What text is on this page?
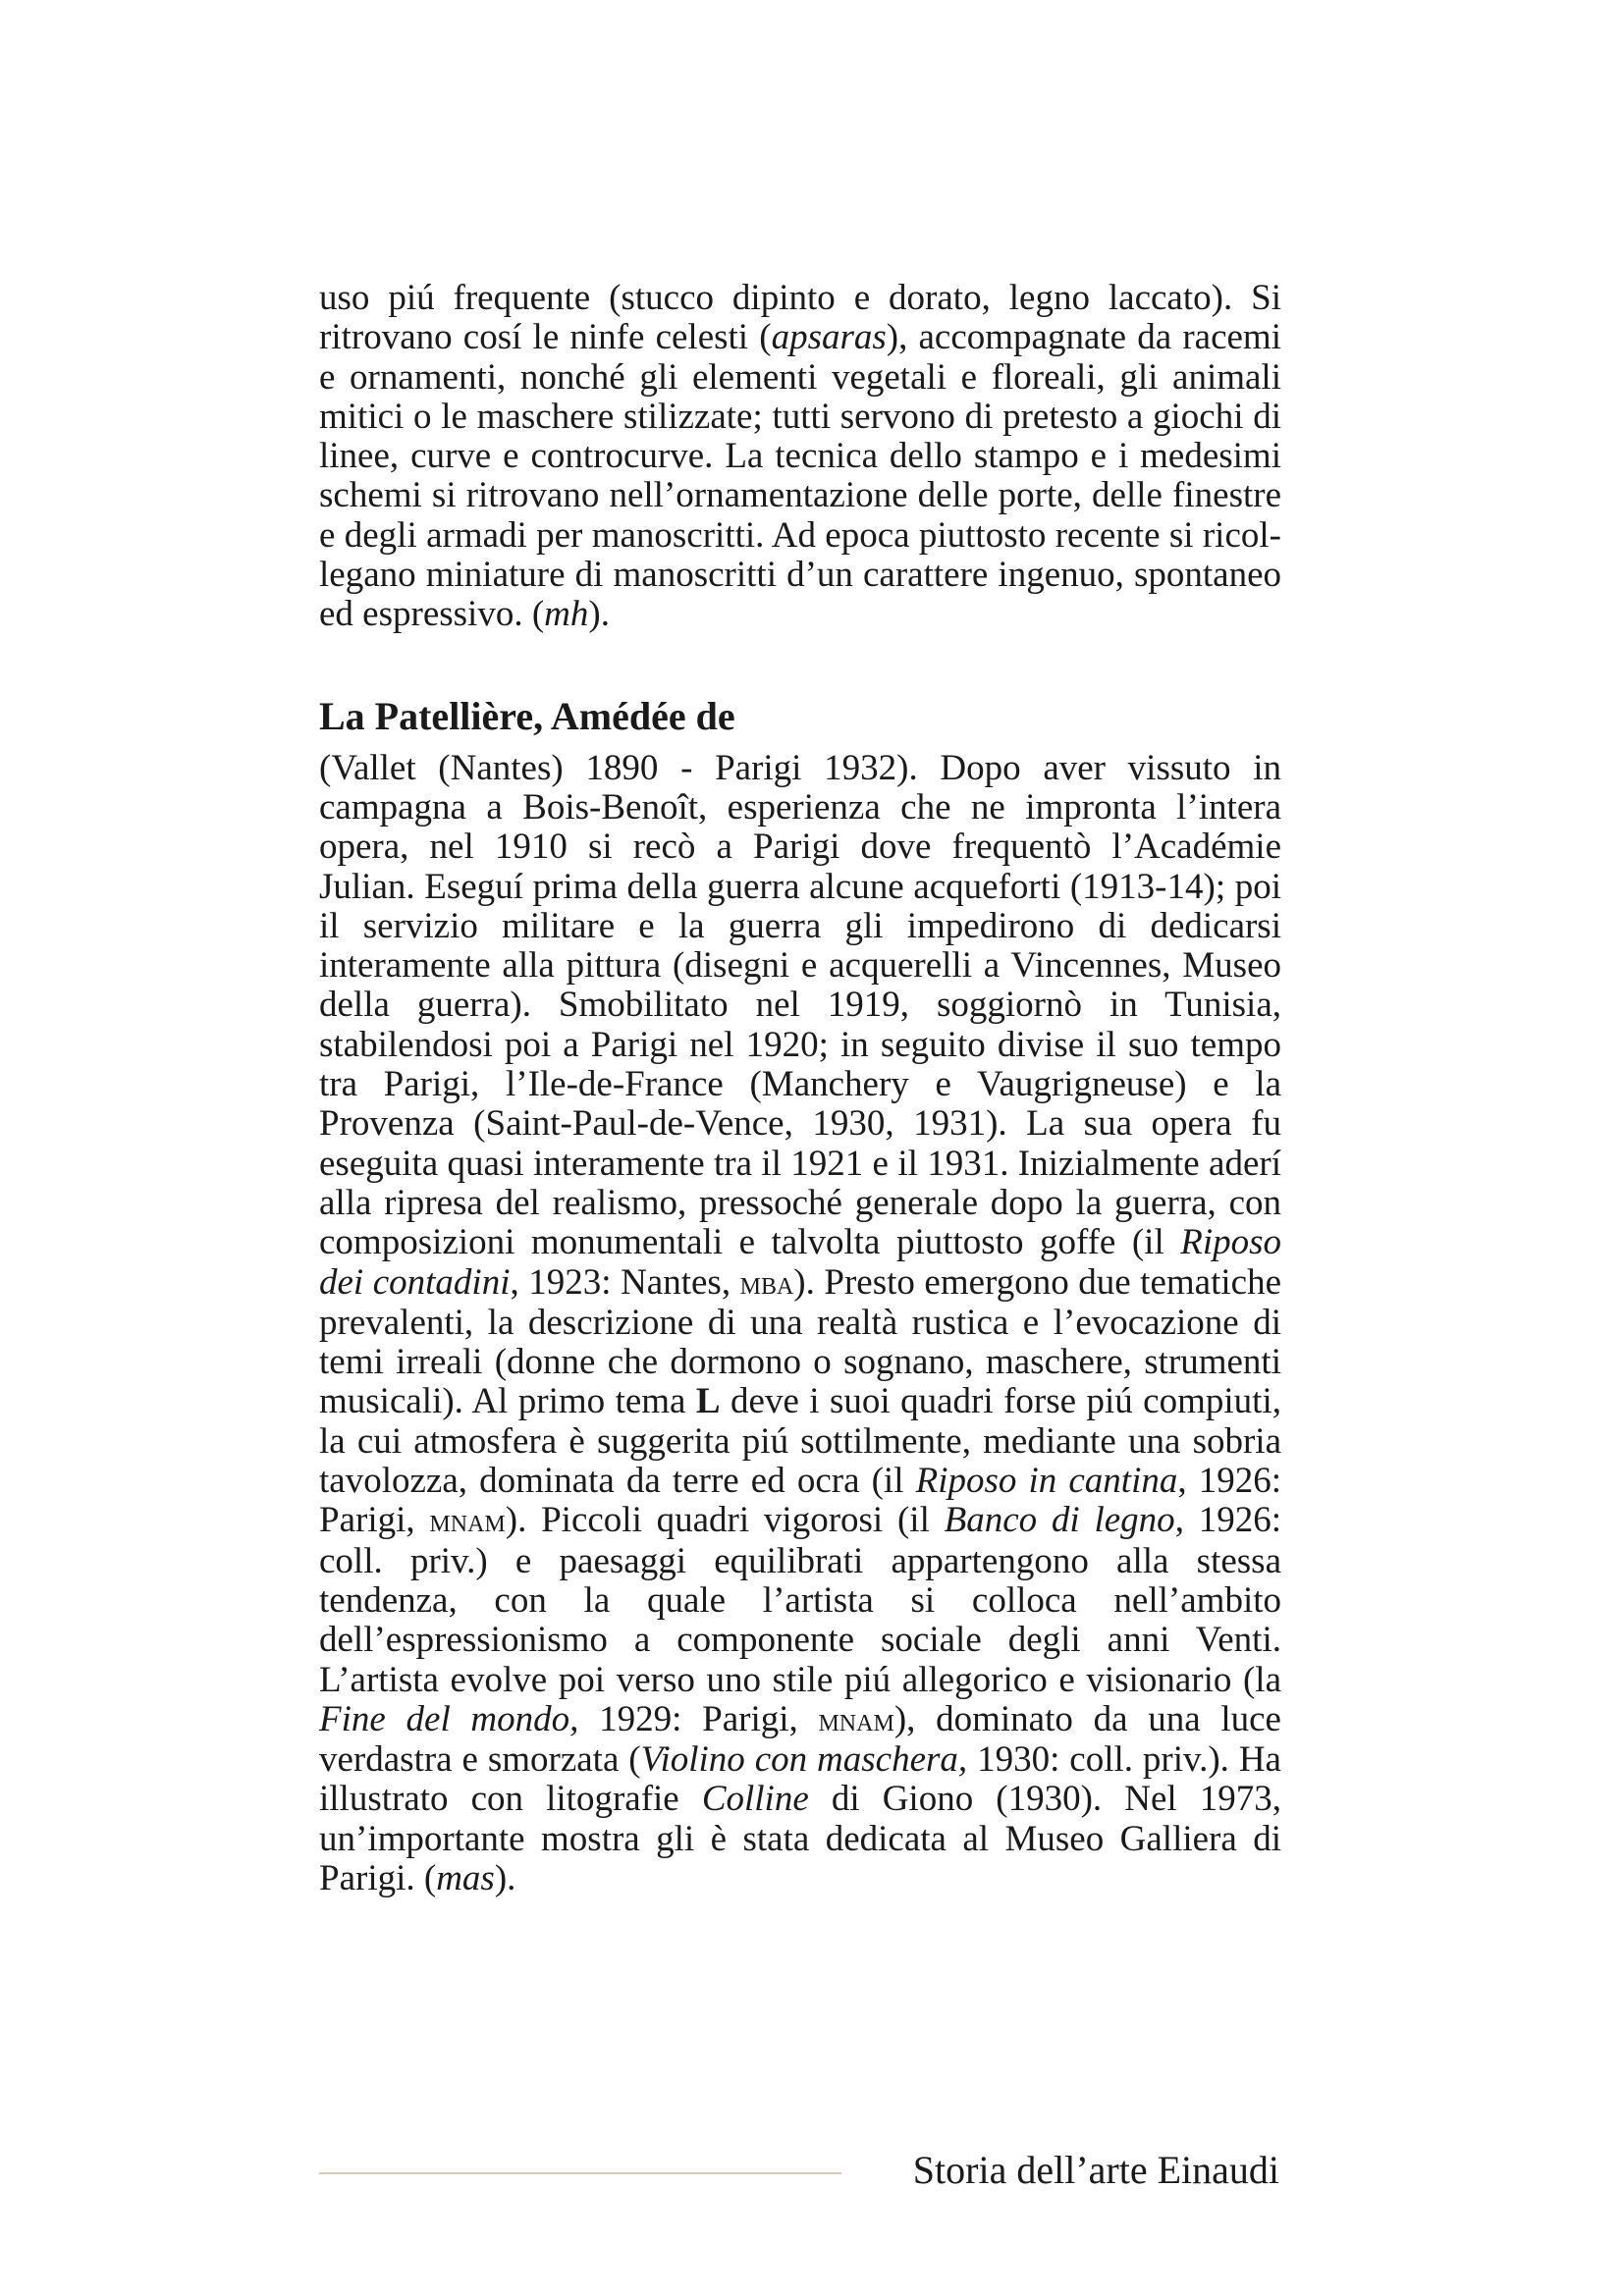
uso piú frequente (stucco dipinto e dorato, legno laccato). Si ritrovano cosí le ninfe celesti (apsaras), accompagnate da racemi e ornamenti, nonché gli elementi vegetali e floreali, gli animali mitici o le maschere stilizzate; tutti servono di pretesto a giochi di linee, curve e controcurve. La tecnica dello stampo e i medesimi schemi si ritrovano nell’ornamentazione delle porte, delle finestre e degli armadi per manoscritti. Ad epoca piuttosto recente si ricollegano miniature di manoscritti d’un carattere ingenuo, spontaneo ed espressivo. (mh).

La Patellière, Amédée de

(Vallet (Nantes) 1890 - Parigi 1932). Dopo aver vissuto in campagna a Bois-Benoît, esperienza che ne impronta l’intera opera, nel 1910 si recò a Parigi dove frequentò l’Académie Julian. Eseguí prima della guerra alcune acqueforti (1913-14); poi il servizio militare e la guerra gli impedirono di dedicarsi interamente alla pittura (disegni e acquerelli a Vincennes, Museo della guerra). Smobilitato nel 1919, soggiornò in Tunisia, stabilendosi poi a Parigi nel 1920; in seguito divise il suo tempo tra Parigi, l’Ile-de-France (Manchery e Vaugrigneuse) e la Provenza (Saint-Paul-de-Vence, 1930, 1931). La sua opera fu eseguita quasi interamente tra il 1921 e il 1931. Inizialmente aderí alla ripresa del realismo, pressoché generale dopo la guerra, con composizioni monumentali e talvolta piuttosto goffe (il Riposo dei contadini, 1923: Nantes, mba). Presto emergono due tematiche prevalenti, la descrizione di una realtà rustica e l’evocazione di temi irreali (donne che dormono o sognano, maschere, strumenti musicali). Al primo tema L deve i suoi quadri forse piú compiuti, la cui atmosfera è suggerita piú sottilmente, mediante una sobria tavolozza, dominata da terre ed ocra (il Riposo in cantina, 1926: Parigi, mnam). Piccoli quadri vigorosi (il Banco di legno, 1926: coll. priv.) e paesaggi equilibrati appartengono alla stessa tendenza, con la quale l’artista si colloca nell’ambito dell’espressionismo a componente sociale degli anni Venti. L’artista evolve poi verso uno stile piú allegorico e visionario (la Fine del mondo, 1929: Parigi, mnam), dominato da una luce verdastra e smorzata (Violino con maschera, 1930: coll. priv.). Ha illustrato con litografie Colline di Giono (1930). Nel 1973, un’importante mostra gli è stata dedicata al Museo Galliera di Parigi. (mas).

Storia dell’arte Einaudi
